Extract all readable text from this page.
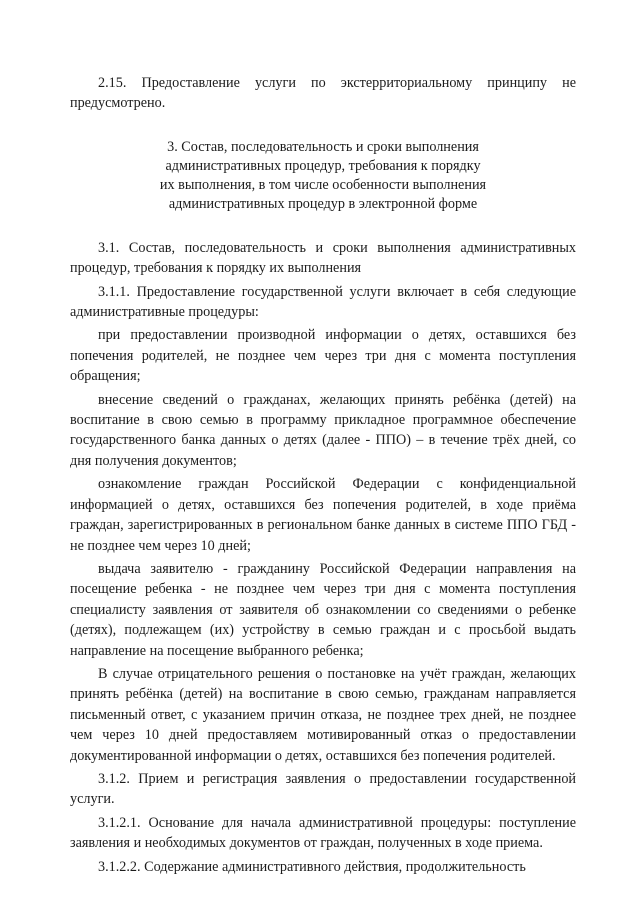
2.15. Предоставление услуги по экстерриториальному принципу не предусмотрено.

3. Состав, последовательность и сроки выполнения
административных процедур, требования к порядку
их выполнения, в том числе особенности выполнения
административных процедур в электронной форме

3.1. Состав, последовательность и сроки выполнения административных процедур, требования к порядку их выполнения

3.1.1. Предоставление государственной услуги включает в себя следующие административные процедуры:

при предоставлении производной информации о детях, оставшихся без попечения родителей, не позднее чем через три дня с момента поступления обращения;

внесение сведений о гражданах, желающих принять ребёнка (детей) на воспитание в свою семью в программу прикладное программное обеспечение государственного банка данных о детях (далее - ППО) – в течение трёх дней, со дня получения документов;

ознакомление граждан Российской Федерации с конфиденциальной информацией о детях, оставшихся без попечения родителей, в ходе приёма граждан, зарегистрированных в региональном банке данных в системе ППО ГБД - не позднее чем через 10 дней;

выдача заявителю - гражданину Российской Федерации направления на посещение ребенка - не позднее чем через три дня с момента поступления специалисту заявления от заявителя об ознакомлении со сведениями о ребенке (детях), подлежащем (их) устройству в семью граждан и с просьбой выдать направление на посещение выбранного ребенка;

В случае отрицательного решения о постановке на учёт граждан, желающих принять ребёнка (детей) на воспитание в свою семью, гражданам направляется письменный ответ, с указанием причин отказа, не позднее трех дней, не позднее чем через 10 дней предоставляем мотивированный отказ о предоставлении документированной информации о детях, оставшихся без попечения родителей.

3.1.2. Прием и регистрация заявления о предоставлении государственной услуги.

3.1.2.1. Основание для начала административной процедуры: поступление заявления и необходимых документов от граждан, полученных в ходе приема.

3.1.2.2. Содержание административного действия, продолжительность
